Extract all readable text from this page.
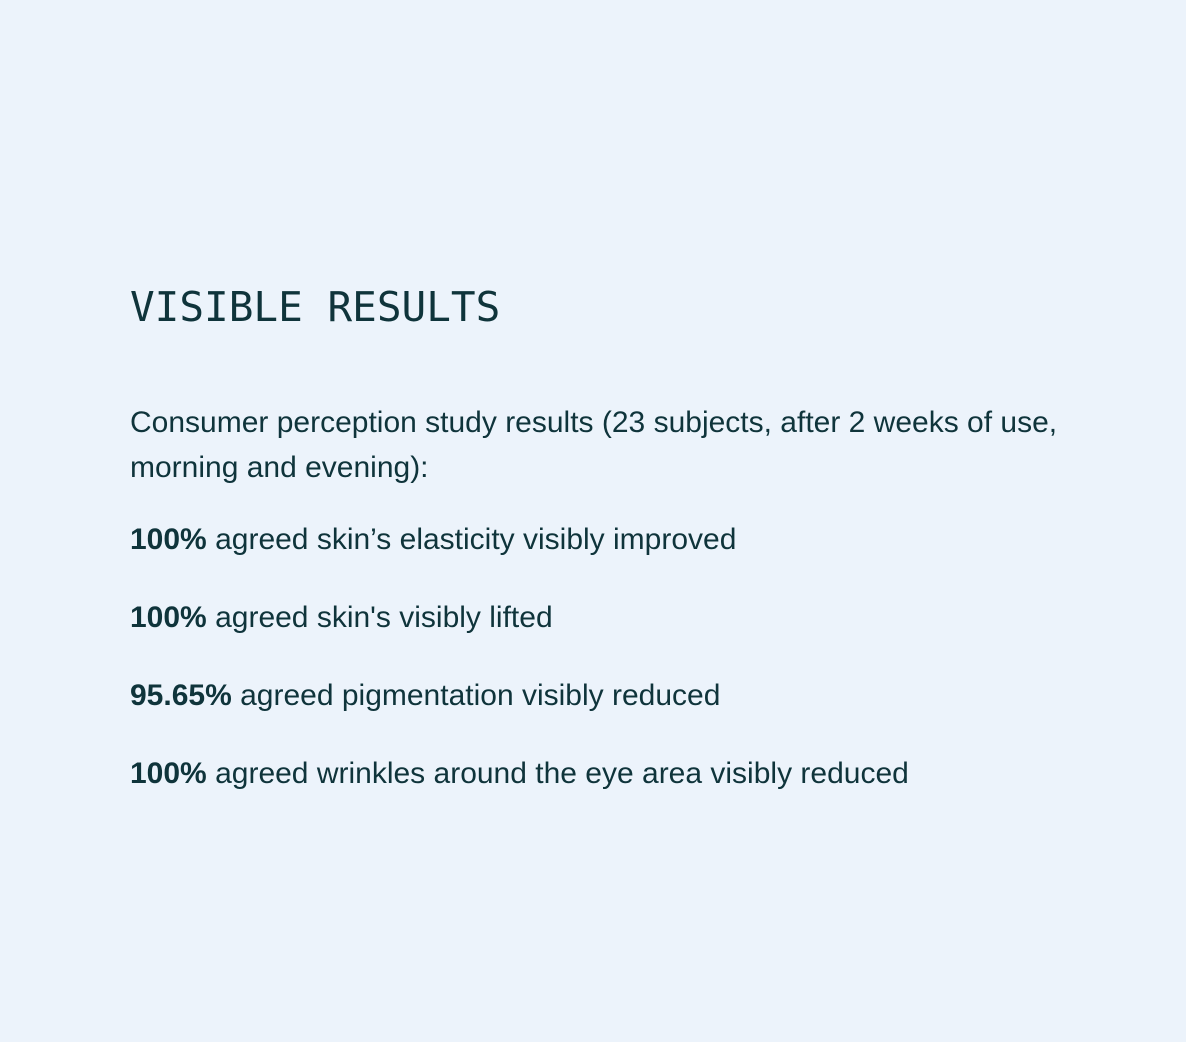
VISIBLE RESULTS

Consumer perception study results (23 subjects, after 2 weeks of use, morning and evening):

100% agreed skin’s elasticity visibly improved
100% agreed skin's visibly lifted
95.65% agreed pigmentation visibly reduced
100% agreed wrinkles around the eye area visibly reduced
